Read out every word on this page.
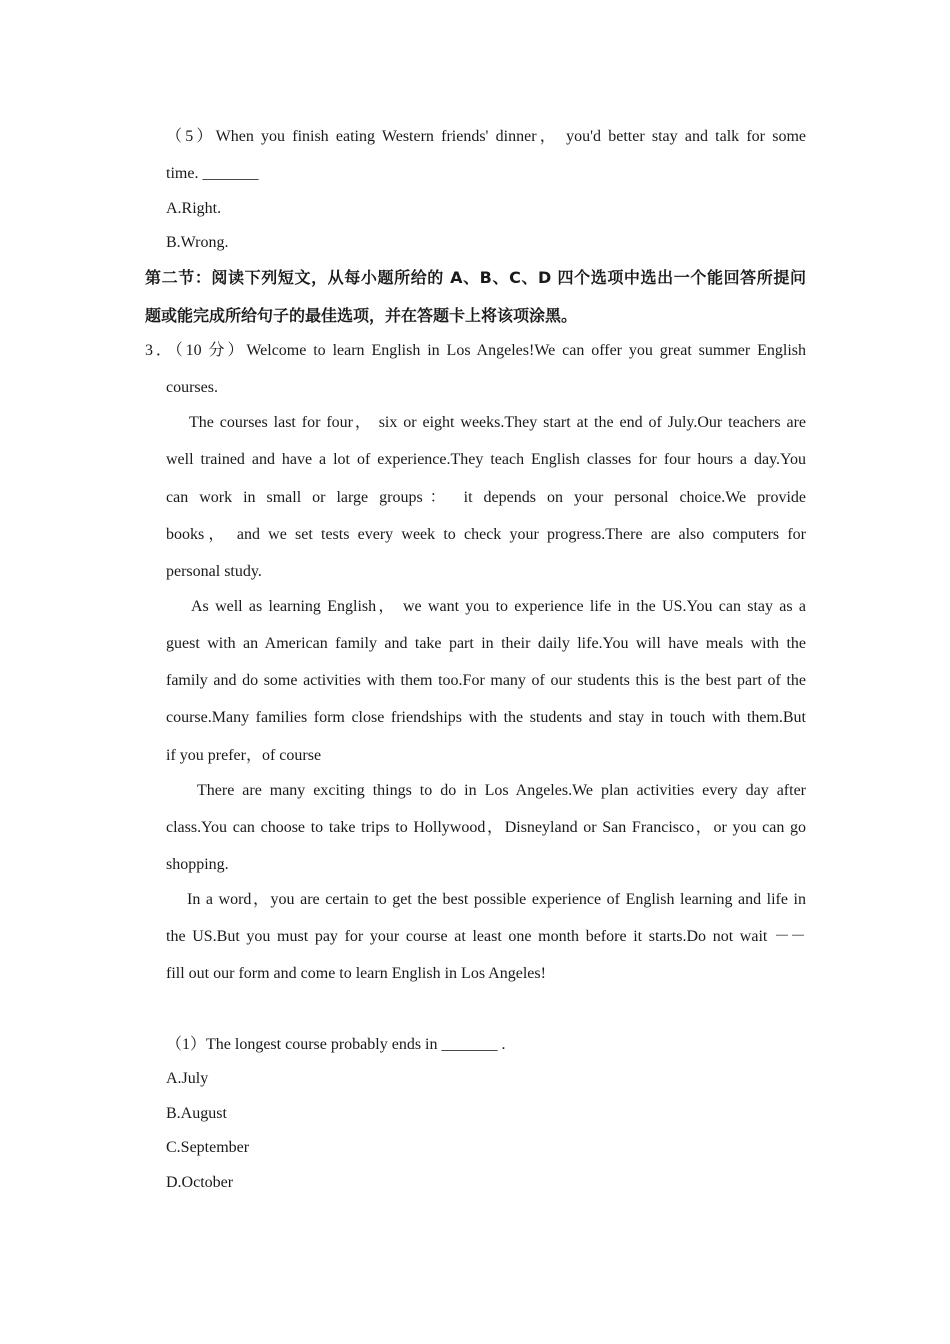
（5）When you finish eating Western friends' dinner， you'd better stay and talk for some
time. _______
A.Right.
B.Wrong.
第二节：阅读下列短文，从每小题所给的 A、B、C、D 四个选项中选出一个能回答所提问
题或能完成所给句子的最佳选项，并在答题卡上将该项涂黑。
3．（10 分）Welcome to learn English in Los Angeles!We can offer you great summer English
courses.
The courses last for four， six or eight weeks.They start at the end of July.Our teachers are
well trained and have a lot of experience.They teach English classes for four hours a day.You
can work in small or large groups： it depends on your personal choice.We provide
books， and we set tests every week to check your progress.There are also computers for
personal study.
As well as learning English， we want you to experience life in the US.You can stay as a
guest with an American family and take part in their daily life.You will have meals with the
family and do some activities with them too.For many of our students this is the best part of the
course.Many families form close friendships with the students and stay in touch with them.But
if you prefer，of course
There are many exciting things to do in Los Angeles.We plan activities every day after
class.You can choose to take trips to Hollywood，Disneyland or San Francisco，or you can go
shopping.
In a word，you are certain to get the best possible experience of English learning and life in
the US.But you must pay for your course at least one month before it starts.Do not wait －－
fill out our form and come to learn English in Los Angeles!
（1）The longest course probably ends in _______ .
A.July
B.August
C.September
D.October
